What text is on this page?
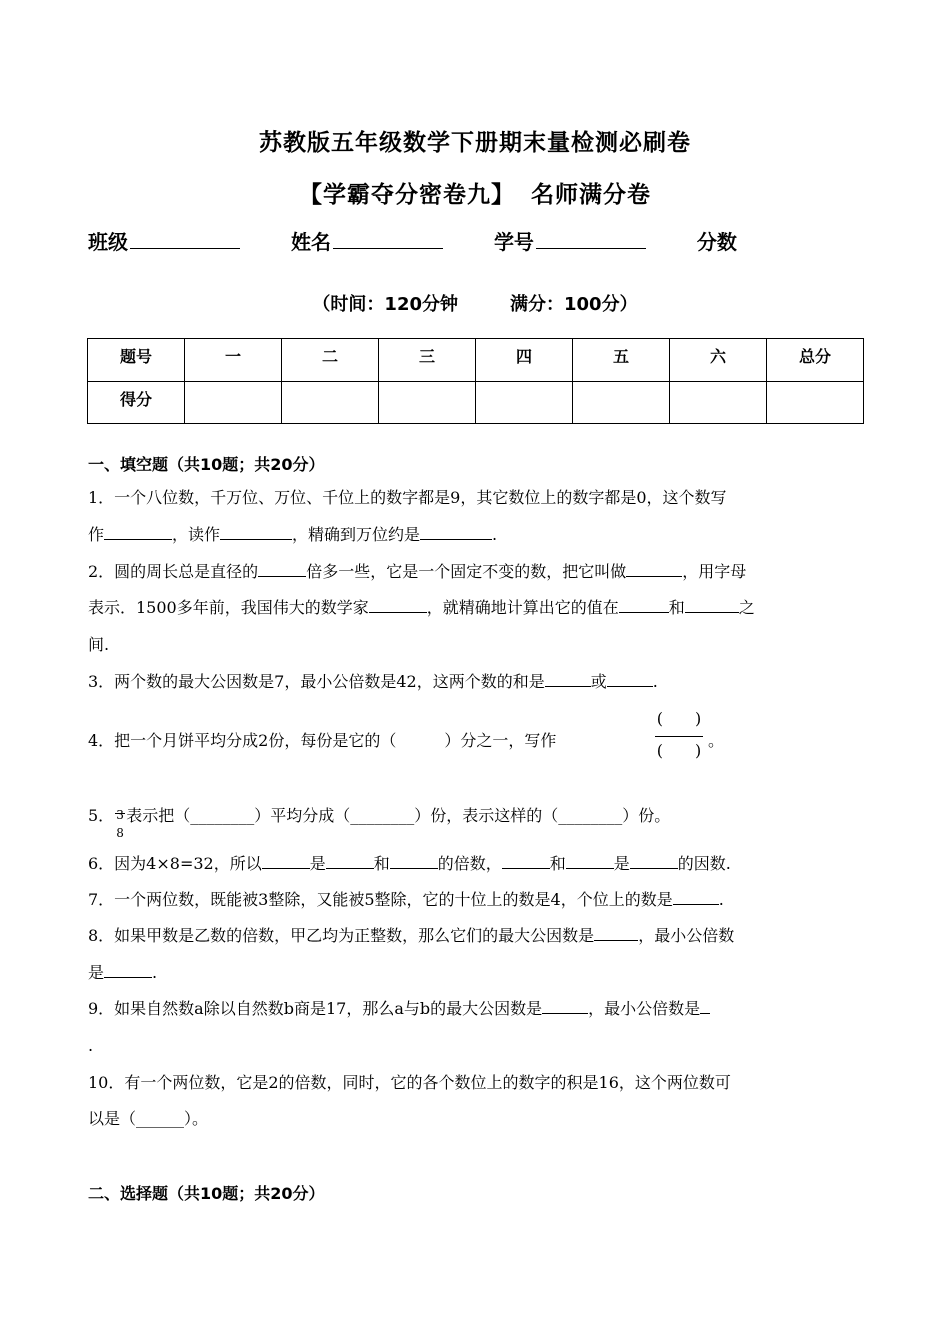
苏教版五年级数学下册期末量检测必刷卷
【学霸夺分密卷九】 名师满分卷
班级	姓名	学号	分数
（时间：120分钟	满分：100分）
题号	一	二	三	四	五	六	总分
得分							
一、填空题（共10题；共20分）
1．一个八位数，千万位、万位、千位上的数字都是9，其它数位上的数字都是0，这个数写
作	，读作	，精确到万位约是	.
2．圆的周长总是直径的	倍多一些，它是一个固定不变的数，把它叫做	，用字母
表示．1500多年前，我国伟大的数学家	，就精确地计算出它的值在	和	之
间.
3．两个数的最大公因数是7，最小公倍数是42，这两个数的和是	或	.
4．把一个月饼平均分成2份，每份是它的（　　　）分之一，写作
(　　)
(　　)
。
5． 3
8
表示把（________）平均分成（________）份，表示这样的（________）份。
6．因为4×8=32，所以	是	和	的倍数，	和	是	的因数.
7．一个两位数，既能被3整除，又能被5整除，它的十位上的数是4，个位上的数是	.
8．如果甲数是乙数的倍数，甲乙均为正整数，那么它们的最大公因数是	，最小公倍数
是	.
9．如果自然数a除以自然数b商是17，那么a与b的最大公因数是	，最小公倍数是
.
10．有一个两位数，它是2的倍数，同时，它的各个数位上的数字的积是16，这个两位数可
以是（______）。
二、选择题（共10题；共20分）
